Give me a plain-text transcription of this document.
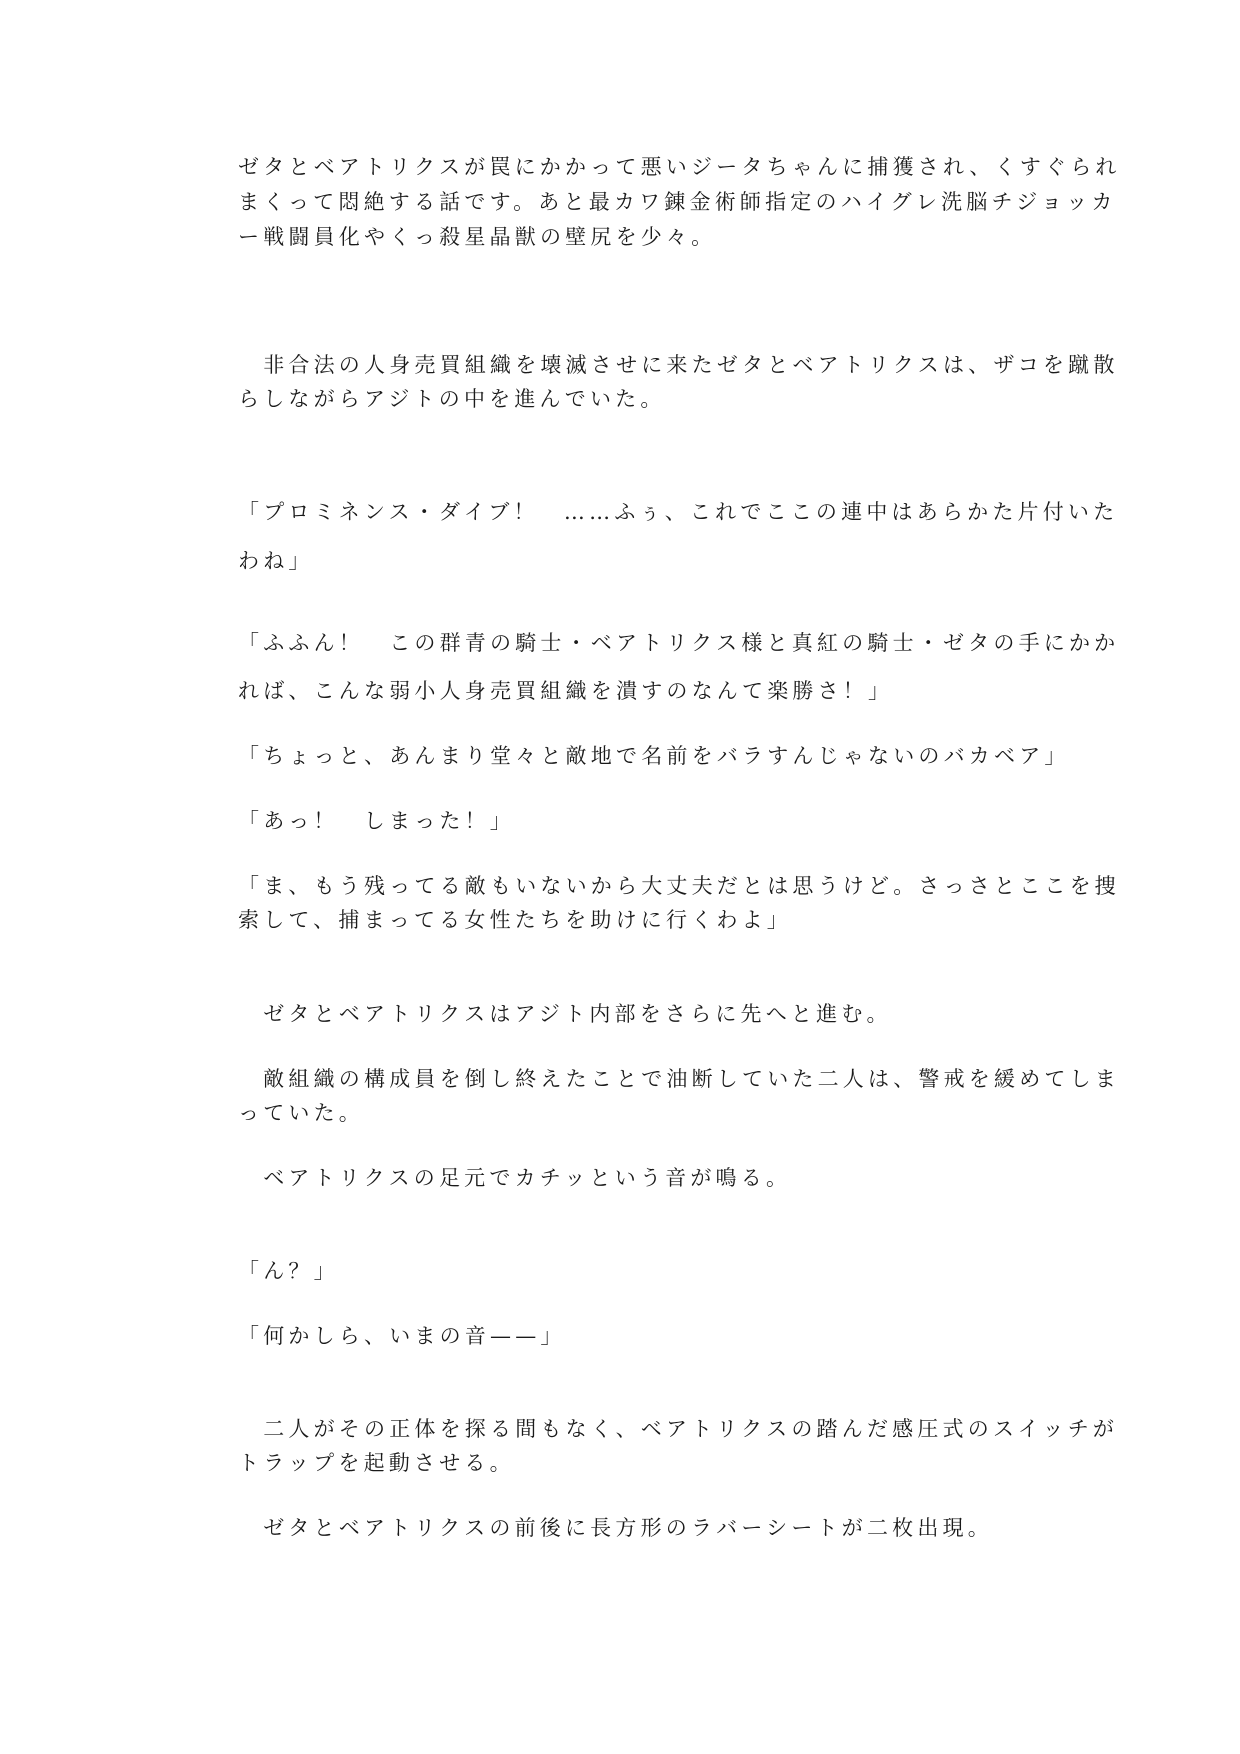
ゼタとベアトリクスが罠にかかって悪いジータちゃんに捕獲され、くすぐられ
まくって悶絶する話です。あと最カワ錬金術師指定のハイグレ洗脳チジョッカ
ー戦闘員化やくっ殺星晶獣の壁尻を少々。
　非合法の人身売買組織を壊滅させに来たゼタとベアトリクスは、ザコを蹴散
らしながらアジトの中を進んでいた。
「プロミネンス・ダイブ！　……ふぅ、これでここの連中はあらかた片付いた
わね」
「ふふん！　この群青の騎士・ベアトリクス様と真紅の騎士・ゼタの手にかか
れば、こんな弱小人身売買組織を潰すのなんて楽勝さ！」
「ちょっと、あんまり堂々と敵地で名前をバラすんじゃないのバカベア」
「あっ！　しまった！」
「ま、もう残ってる敵もいないから大丈夫だとは思うけど。さっさとここを捜
索して、捕まってる女性たちを助けに行くわよ」
　ゼタとベアトリクスはアジト内部をさらに先へと進む。
　敵組織の構成員を倒し終えたことで油断していた二人は、警戒を緩めてしま
っていた。
　ベアトリクスの足元でカチッという音が鳴る。
「ん？」
「何かしら、いまの音——」
　二人がその正体を探る間もなく、ベアトリクスの踏んだ感圧式のスイッチが
トラップを起動させる。
　ゼタとベアトリクスの前後に長方形のラバーシートが二枚出現。
